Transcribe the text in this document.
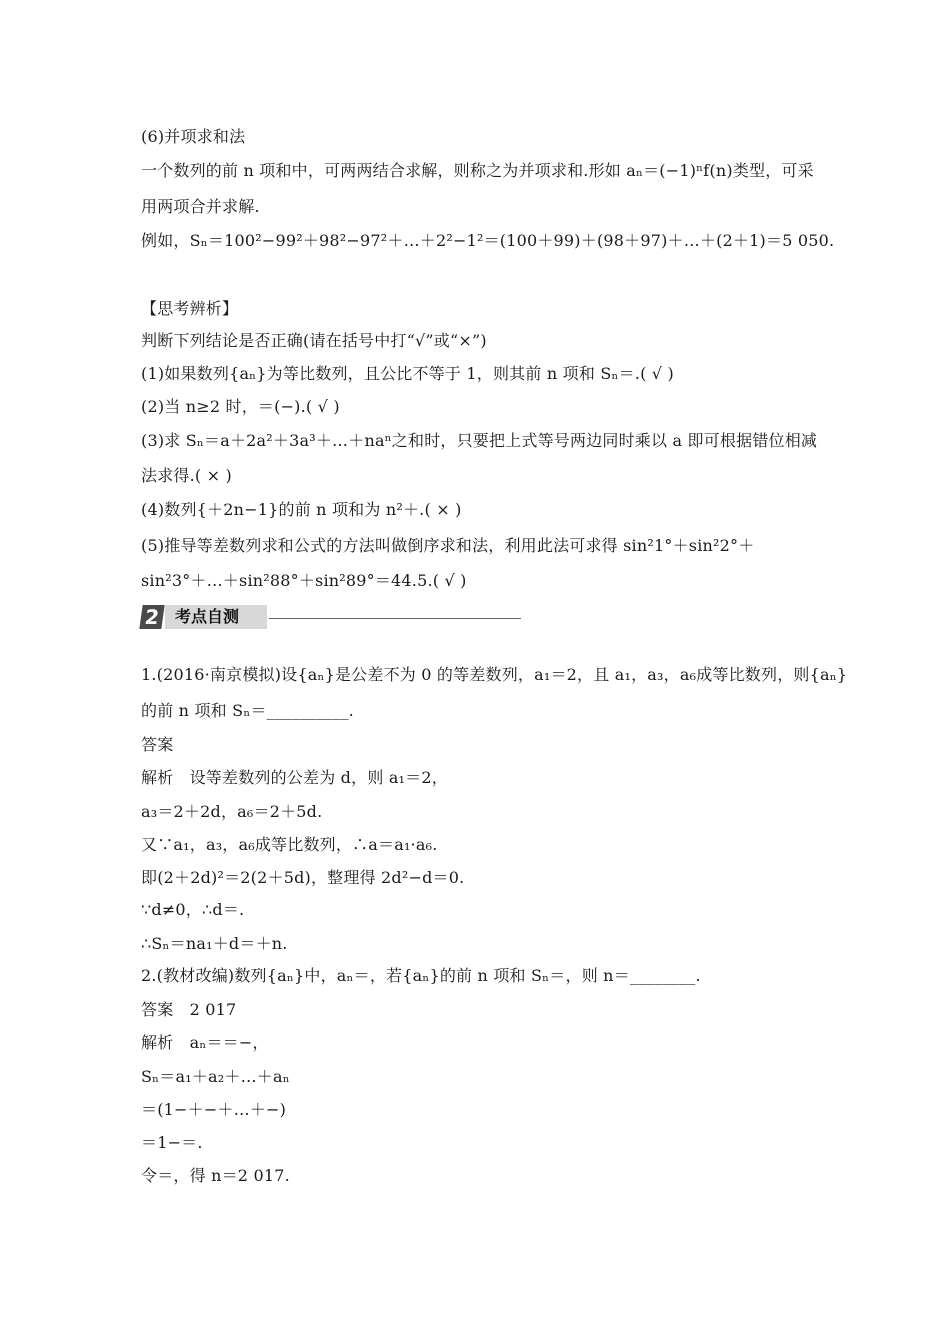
(6)并项求和法
一个数列的前 n 项和中，可两两结合求解，则称之为并项求和.形如 aₙ＝(−1)ⁿf(n)类型，可采
用两项合并求解.
例如，Sₙ＝100²−99²＋98²−97²＋…＋2²−1²＝(100＋99)＋(98＋97)＋…＋(2＋1)＝5 050.
【思考辨析】
判断下列结论是否正确(请在括号中打“√”或“×”)
(1)如果数列{aₙ}为等比数列，且公比不等于 1，则其前 n 项和 Sₙ＝.( √ )
(2)当 n≥2 时，＝(−).( √ )
(3)求 Sₙ＝a＋2a²＋3a³＋…＋naⁿ之和时，只要把上式等号两边同时乘以 a 即可根据错位相减
法求得.( × )
(4)数列{＋2n−1}的前 n 项和为 n²＋.( × )
(5)推导等差数列求和公式的方法叫做倒序求和法，利用此法可求得 sin²1°＋sin²2°＋
sin²3°＋…＋sin²88°＋sin²89°＝44.5.( √ )
2 考点自测
1.(2016·南京模拟)设{aₙ}是公差不为 0 的等差数列，a₁＝2，且 a₁，a₃，a₆成等比数列，则{aₙ}
的前 n 项和 Sₙ＝__________.
答案
解析　设等差数列的公差为 d，则 a₁＝2，
a₃＝2＋2d，a₆＝2＋5d.
又∵a₁，a₃，a₆成等比数列，∴a＝a₁·a₆.
即(2＋2d)²＝2(2＋5d)，整理得 2d²−d＝0.
∵d≠0，∴d＝.
∴Sₙ＝na₁＋d＝＋n.
2.(教材改编)数列{aₙ}中，aₙ＝，若{aₙ}的前 n 项和 Sₙ＝，则 n＝________.
答案　2 017
解析　aₙ＝＝−，
Sₙ＝a₁＋a₂＋…＋aₙ
＝(1−＋−＋…＋−)
＝1−＝.
令＝，得 n＝2 017.
